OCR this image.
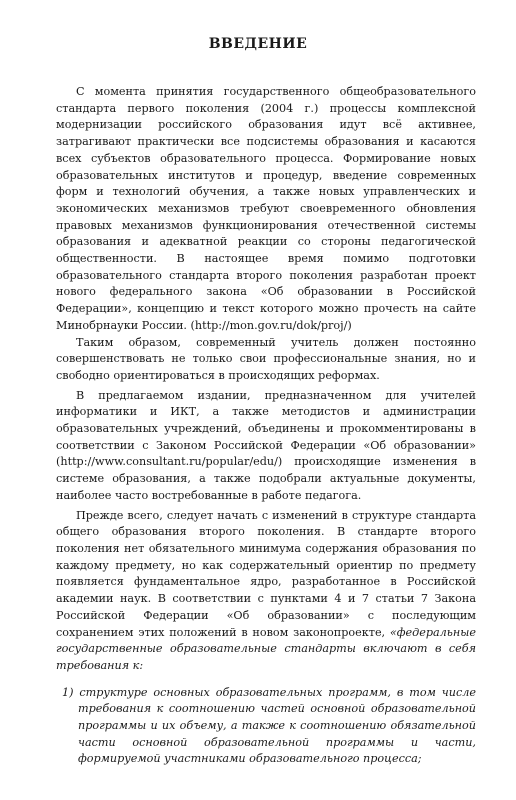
ВВЕДЕНИЕ

С момента принятия государственного общеобразовательного стандарта первого поколения (2004 г.) процессы комплексной модернизации российского образования идут всё активнее, затрагивают практически все подсистемы образования и касаются всех субъектов образовательного процесса. Формирование новых образовательных институтов и процедур, введение современных форм и технологий обучения, а также новых управленческих и экономических механизмов требуют своевременного обновления правовых механизмов функционирования отечественной системы образования и адекватной реакции со стороны педагогической общественности. В настоящее время помимо подготовки образовательного стандарта второго поколения разработан проект нового федерального закона «Об образовании в Российской Федерации», концепцию и текст которого можно прочесть на сайте Минобрнауки России. (http://mon.gov.ru/dok/proj/)

Таким образом, современный учитель должен постоянно совершенствовать не только свои профессиональные знания, но и свободно ориентироваться в происходящих реформах.

В предлагаемом издании, предназначенном для учителей информатики и ИКТ, а также методистов и администрации образовательных учреждений, объединены и прокомментированы в соответствии с Законом Российской Федерации «Об образовании» (http://www.consultant.ru/popular/edu/) происходящие изменения в системе образования, а также подобрали актуальные документы, наиболее часто востребованные в работе педагога.

Прежде всего, следует начать с изменений в структуре стандарта общего образования второго поколения. В стандарте второго поколения нет обязательного минимума содержания образования по каждому предмету, но как содержательный ориентир по предмету появляется фундаментальное ядро, разработанное в Российской академии наук. В соответствии с пунктами 4 и 7 статьи 7 Закона Российской Федерации «Об образовании» с последующим сохранением этих положений в новом законопроекте, «федеральные государственные образовательные стандарты включают в себя требования к:

1) структуре основных образовательных программ, в том числе требования к соотношению частей основной образовательной программы и их объему, а также к соотношению обязательной части основной образовательной программы и части, формируемой участниками образовательного процесса;
